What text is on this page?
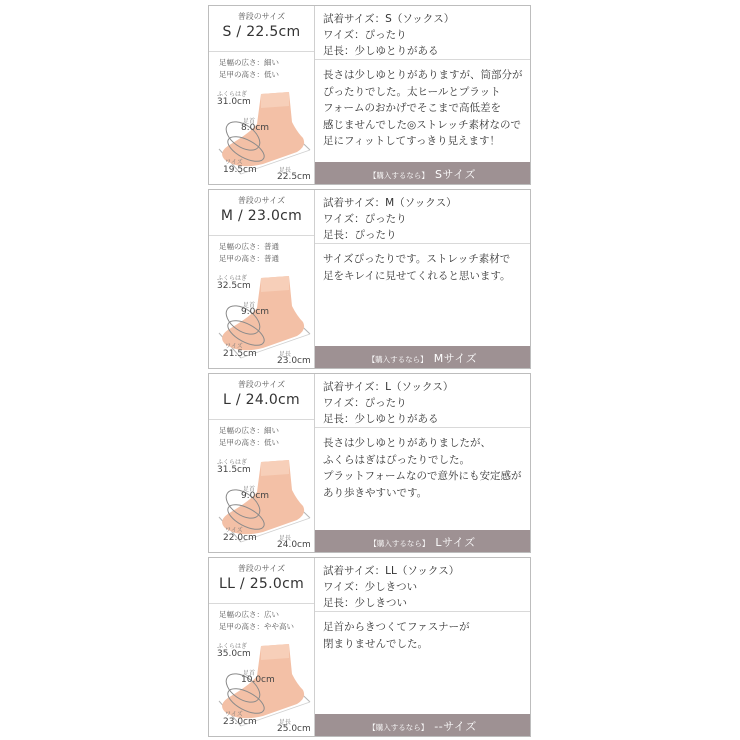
普段のサイズ
S / 22.5cm
足幅の広さ：細い
足甲の高さ：低い
ふくらはぎ
31.0cm
足首
8.0cm
ワイズ
19.5cm	足長
22.5cm
試着サイズ：S（ソックス）
ワイズ：ぴったり
足長：少しゆとりがある
長さは少しゆとりがありますが、筒部分が
ぴったりでした。太ヒールとプラット
フォームのおかげでそこまで高低差を
感じませんでした◎ストレッチ素材なので
足にフィットしてすっきり見えます！
【購入するなら】 Sサイズ
普段のサイズ
M / 23.0cm
足幅の広さ：普通
足甲の高さ：普通
ふくらはぎ
32.5cm
足首
9.0cm
ワイズ
21.5cm	足長
23.0cm
試着サイズ：M（ソックス）
ワイズ：ぴったり
足長：ぴったり
サイズぴったりです。ストレッチ素材で
足をキレイに見せてくれると思います。
【購入するなら】 Mサイズ
普段のサイズ
L / 24.0cm
足幅の広さ：細い
足甲の高さ：低い
ふくらはぎ
31.5cm
足首
9.0cm
ワイズ
22.0cm	足長
24.0cm
試着サイズ：L（ソックス）
ワイズ：ぴったり
足長：少しゆとりがある
長さは少しゆとりがありましたが、
ふくらはぎはぴったりでした。
プラットフォームなので意外にも安定感が
あり歩きやすいです。
【購入するなら】 Lサイズ
普段のサイズ
LL / 25.0cm
足幅の広さ：広い
足甲の高さ：やや高い
ふくらはぎ
35.0cm
足首
10.0cm
ワイズ
23.0cm	足長
25.0cm
試着サイズ：LL（ソックス）
ワイズ：少しきつい
足長：少しきつい
足首からきつくてファスナーが
閉まりませんでした。
【購入するなら】 --サイズ
